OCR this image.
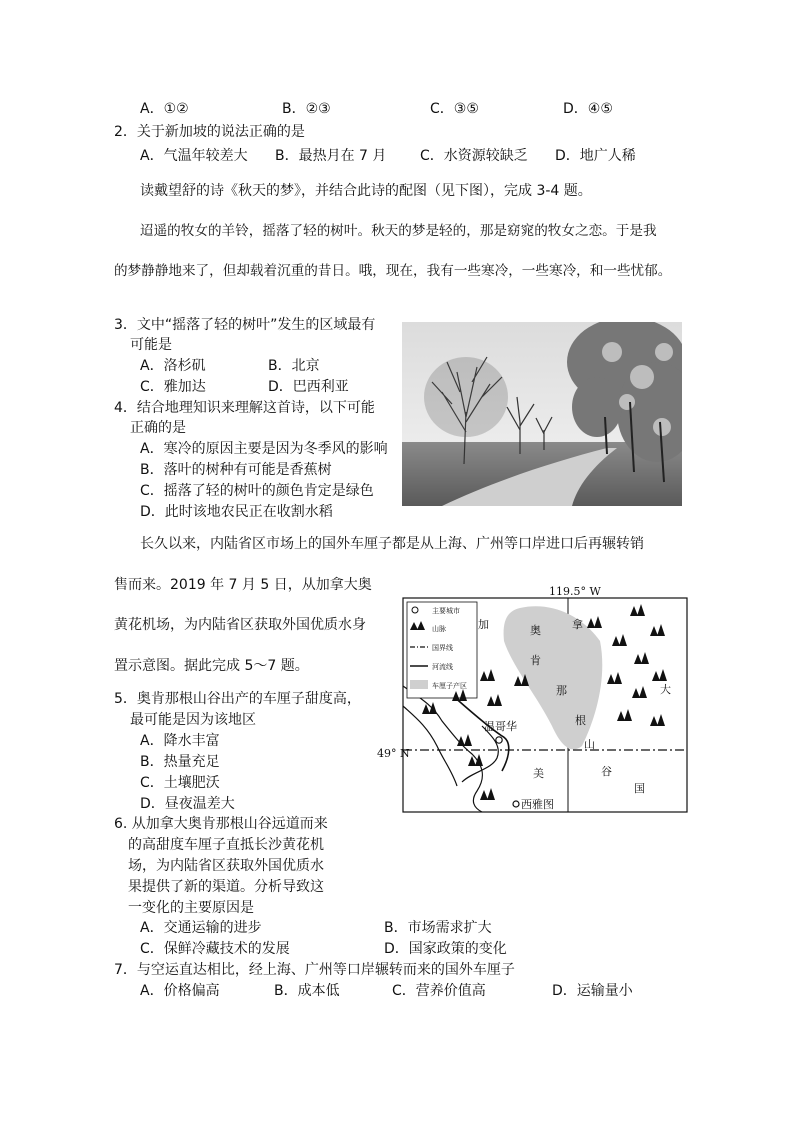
A．①②	B．②③	C．③⑤	D．④⑤
2．关于新加坡的说法正确的是
A．气温年较差大 B．最热月在 7 月 C．水资源较缺乏 D．地广人稀
读戴望舒的诗《秋天的梦》，并结合此诗的配图（见下图），完成 3-4 题。
迢遥的牧女的羊铃，摇落了轻的树叶。秋天的梦是轻的，那是窈窕的牧女之恋。于是我
的梦静静地来了，但却载着沉重的昔日。哦，现在，我有一些寒冷，一些寒冷，和一些忧郁。
3．文中“摇落了轻的树叶”发生的区域最有
可能是
A．洛杉矶	B．北京
C．雅加达	D．巴西利亚
4．结合地理知识来理解这首诗，以下可能
正确的是
A．寒冷的原因主要是因为冬季风的影响
B．落叶的树种有可能是香蕉树
C．摇落了轻的树叶的颜色肯定是绿色
D．此时该地农民正在收割水稻
长久以来，内陆省区市场上的国外车厘子都是从上海、广州等口岸进口后再辗转销
售而来。2019 年 7 月 5 日，从加拿大奥
黄花机场，为内陆省区获取外国优质水身
置示意图。据此完成 5～7 题。
119.5° W
主要城市
山脉
国界线
河流线
车厘子产区
温哥华
西雅图
加	拿
大
奥
肯
那
根
山
谷
美
国
49° N
5．奥肯那根山谷出产的车厘子甜度高，
最可能是因为该地区
A．降水丰富
B．热量充足
C．土壤肥沃
D．昼夜温差大
6. 从加拿大奥肯那根山谷远道而来
的高甜度车厘子直抵长沙黄花机
场，为内陆省区获取外国优质水
果提供了新的渠道。分析导致这
一变化的主要原因是
A．交通运输的进步	B．市场需求扩大
C．保鲜冷藏技术的发展	D．国家政策的变化
7．与空运直达相比，经上海、广州等口岸辗转而来的国外车厘子
A．价格偏高	B．成本低	C．营养价值高	D．运输量小
